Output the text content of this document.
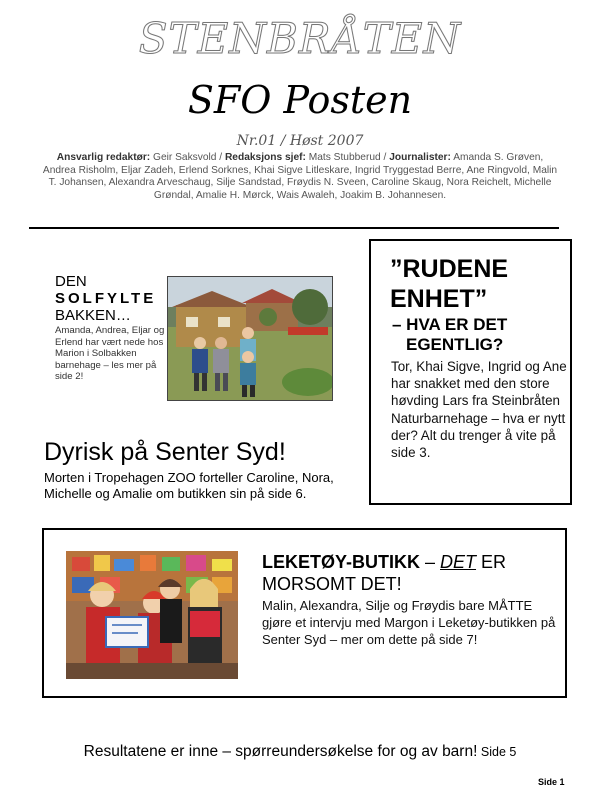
STENBRÅTEN
SFO Posten
Nr.01 / Høst 2007
Ansvarlig redaktør: Geir Saksvold / Redaksjons sjef: Mats Stubberud / Journalister: Amanda S. Grøven, Andrea Risholm, Eljar Zadeh, Erlend Sorknes, Khai Sigve Litleskare, Ingrid Tryggestad Berre, Ane Ringvold, Malin T. Johansen, Alexandra Arveschaug, Silje Sandstad, Frøydis N. Sveen, Caroline Skaug, Nora Reichelt, Michelle Grøndal, Amalie H. Mørck, Wais Awaleh, Joakim B. Johannesen.
DEN
SOLFYLTE
BAKKEN…
Amanda, Andrea, Eljar og Erlend har vært nede hos Marion i Solbakken barnehage – les mer på side 2!
Dyrisk på Senter Syd!
Morten i Tropehagen ZOO forteller Caroline, Nora, Michelle og Amalie om butikken sin på side 6.
”RUDENE
ENHET”
– HVA ER DET
EGENTLIG?
Tor, Khai Sigve, Ingrid og Ane har snakket med den store høvding Lars fra Steinbråten Naturbarnehage – hva er nytt der? Alt du trenger å vite på side 3.
LEKETØY-BUTIKK – DET ER MORSOMT DET!
Malin, Alexandra, Silje og Frøydis bare MÅTTE gjøre et intervju med Margon i Leketøy-butikken på Senter Syd – mer om dette på side 7!
Resultatene er inne – spørreundersøkelse for og av barn! Side 5
Side 1
